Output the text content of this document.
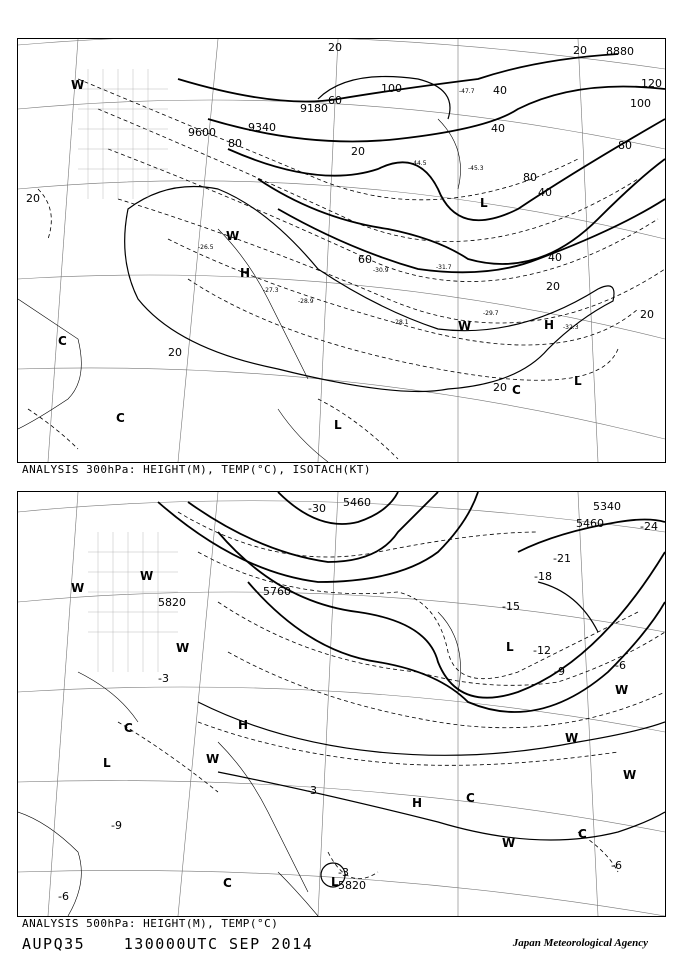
9600	9340
9180
8880
20
20
20
20	20
20
20
20
40
40
40
40
60
60
80	80
80
100
100
120
-27.3
-28.1
-26.5
-29.7
-32.3
-30.9
-44.5
-45.3
-47.7
-31.7
-28.9
H
H
L
L
L
C
C
C
W
W
W
ANALYSIS 300hPa: HEIGHT(M), TEMP(°C), ISOTACH(KT)
5820
5760
5460	5340
5460
5820
-15
-18
-21
-24
-30
-12
-9	-6
-6
-3
-3
-9
-3
-6
W
W
W
W
W
W
W
W
H
H
L
L
L
C
C
C
C
ANALYSIS 500hPa: HEIGHT(M), TEMP(°C)
AUPQ35	130000UTC SEP 2014	Japan Meteorological Agency
